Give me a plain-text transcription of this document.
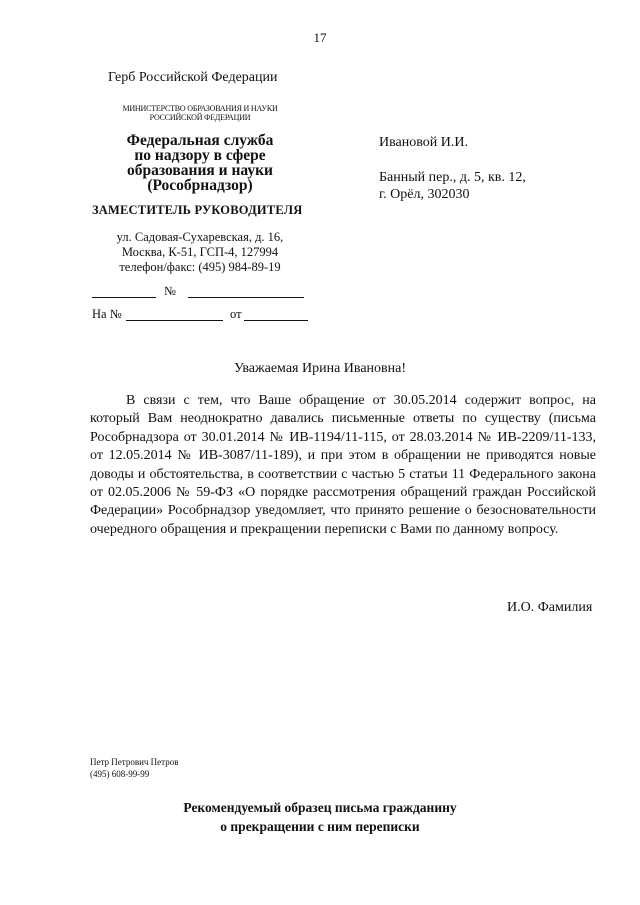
17
Герб Российской Федерации
МИНИСТЕРСТВО ОБРАЗОВАНИЯ И НАУКИ
РОССИЙСКОЙ ФЕДЕРАЦИИ
Федеральная служба
по надзору в сфере
образования и науки
(Рособрнадзор)
ЗАМЕСТИТЕЛЬ РУКОВОДИТЕЛЯ
ул. Садовая-Сухаревская, д. 16,
Москва, К-51, ГСП-4, 127994
телефон/факс: (495) 984-89-19
№
На №	от
Ивановой И.И.
Банный пер., д. 5, кв. 12,
г. Орёл, 302030
Уважаемая Ирина Ивановна!

В связи с тем, что Ваше обращение от 30.05.2014 содержит вопрос, на который Вам неоднократно давались письменные ответы по существу (письма Рособрнадзора от 30.01.2014 № ИВ-1194/11-115, от 28.03.2014 № ИВ-2209/11-133, от 12.05.2014 № ИВ-3087/11-189), и при этом в обращении не приводятся новые доводы и обстоятельства, в соответствии с частью 5 статьи 11 Федерального закона от 02.05.2006 № 59-ФЗ «О порядке рассмотрения обращений граждан Российской Федерации» Рособрнадзор уведомляет, что принято решение о безосновательности очередного обращения и прекращении переписки с Вами по данному вопросу.

И.О. Фамилия
Петр Петрович Петров
(495) 608-99-99
Рекомендуемый образец письма гражданину
о прекращении с ним переписки
